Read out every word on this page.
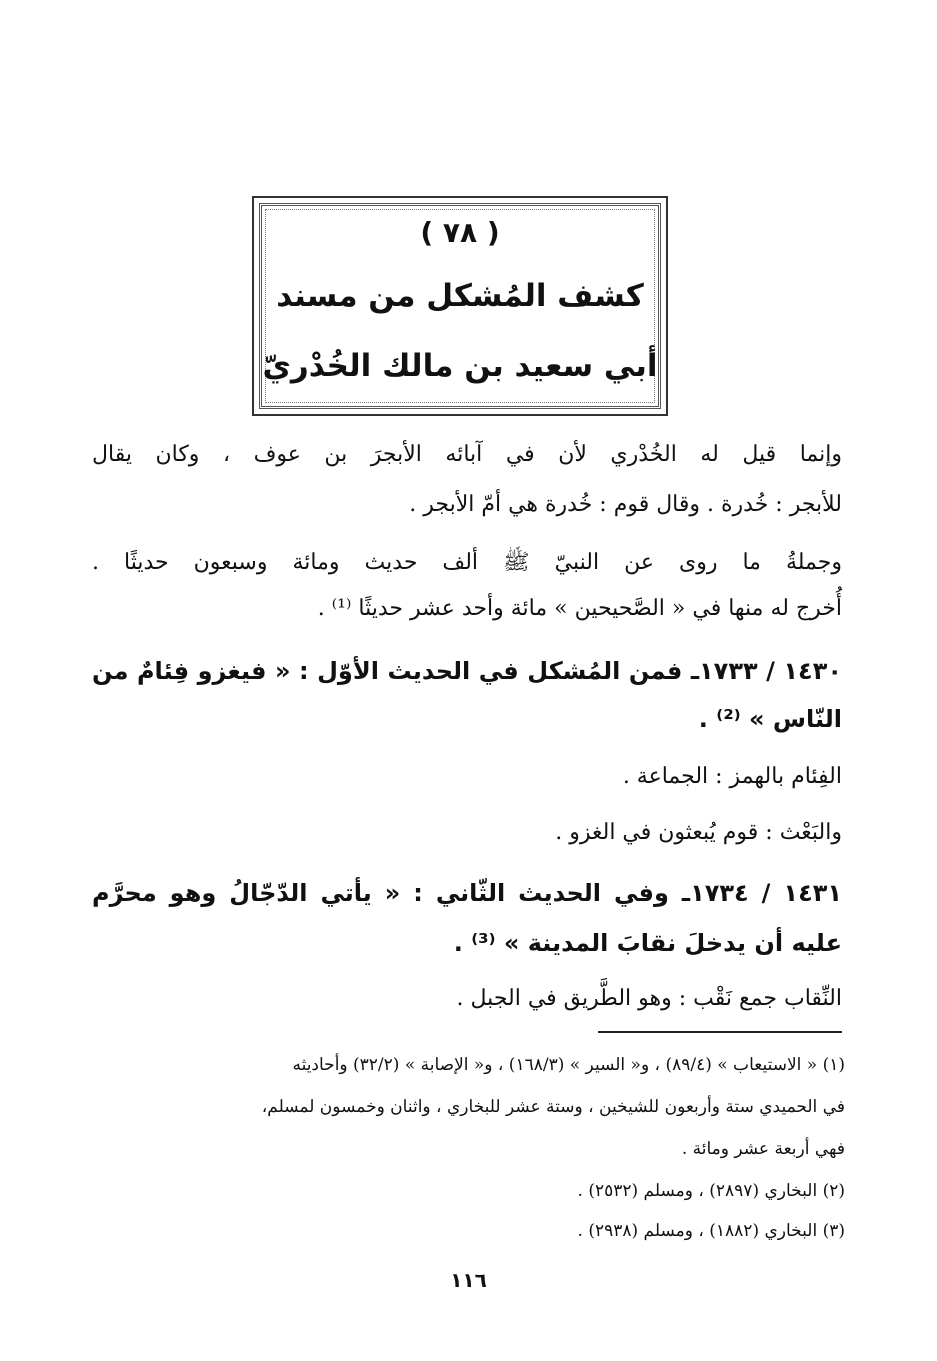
( ٧٨ )
كشف المُشكل من مسند
أبي سعيد بن مالك الخُدْريّ
وإنما قيل له الخُدْري لأن في آبائه الأبجرَ بن عوف ، وكان يقال
للأبجر : خُدرة . وقال قوم : خُدرة هي أمّ الأبجر .
وجملةُ ما روى عن النبيّ ﷺ ألف حديث ومائة وسبعون حديثًا .
أُخرج له منها في « الصَّحيحين » مائة وأحد عشر حديثًا ⁽¹⁾ .
١٤٣٠ / ١٧٣٣ـ فمن المُشكل في الحديث الأوّل : « فيغزو فِئامٌ من
النّاس » ⁽²⁾ .
الفِئام بالهمز : الجماعة .
والبَعْث : قوم يُبعثون في الغزو .
١٤٣١ / ١٧٣٤ـ وفي الحديث الثّاني : « يأتي الدّجّالُ وهو محرَّم
عليه أن يدخلَ نقابَ المدينة » ⁽³⁾ .
النِّقاب جمع نَقْب : وهو الطَّريق في الجبل .
(١) « الاستيعاب » (٨٩/٤) ، و« السير » (١٦٨/٣) ، و« الإصابة » (٣٢/٢) وأحاديثه
في الحميدي ستة وأربعون للشيخين ، وستة عشر للبخاري ، واثنان وخمسون لمسلم،
فهي أربعة عشر ومائة .
(٢) البخاري (٢٨٩٧) ، ومسلم (٢٥٣٢) .
(٣) البخاري (١٨٨٢) ، ومسلم (٢٩٣٨) .
١١٦
